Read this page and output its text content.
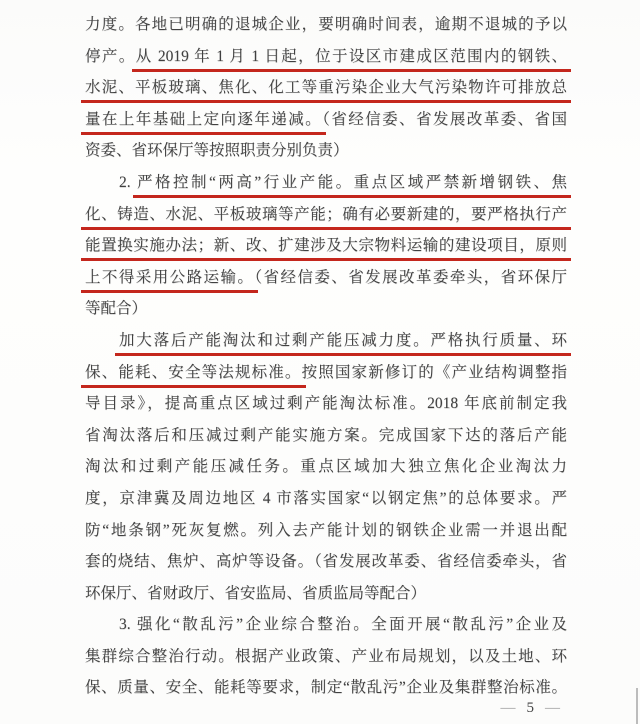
力度。各地已明确的退城企业，要明确时间表，逾期不退城的予以
停产。从 2019 年 1 月 1 日起，位于设区市建成区范围内的钢铁、
水泥、平板玻璃、焦化、化工等重污染企业大气污染物许可排放总
量在上年基础上定向逐年递减。（省经信委、省发展改革委、省国
资委、省环保厅等按照职责分别负责）
2. 严格控制“两高”行业产能。重点区域严禁新增钢铁、焦
化、铸造、水泥、平板玻璃等产能；确有必要新建的，要严格执行产
能置换实施办法；新、改、扩建涉及大宗物料运输的建设项目，原则
上不得采用公路运输。（省经信委、省发展改革委牵头，省环保厅
等配合）
加大落后产能淘汰和过剩产能压减力度。严格执行质量、环
保、能耗、安全等法规标准。按照国家新修订的《产业结构调整指
导目录》，提高重点区域过剩产能淘汰标准。2018 年底前制定我
省淘汰落后和压减过剩产能实施方案。完成国家下达的落后产能
淘汰和过剩产能压减任务。重点区域加大独立焦化企业淘汰力
度，京津冀及周边地区 4 市落实国家“以钢定焦”的总体要求。严
防“地条钢”死灰复燃。列入去产能计划的钢铁企业需一并退出配
套的烧结、焦炉、高炉等设备。（省发展改革委、省经信委牵头，省
环保厅、省财政厅、省安监局、省质监局等配合）
3. 强化“散乱污”企业综合整治。全面开展“散乱污”企业及
集群综合整治行动。根据产业政策、产业布局规划，以及土地、环
保、质量、安全、能耗等要求，制定“散乱污”企业及集群整治标准。
— 5 —
